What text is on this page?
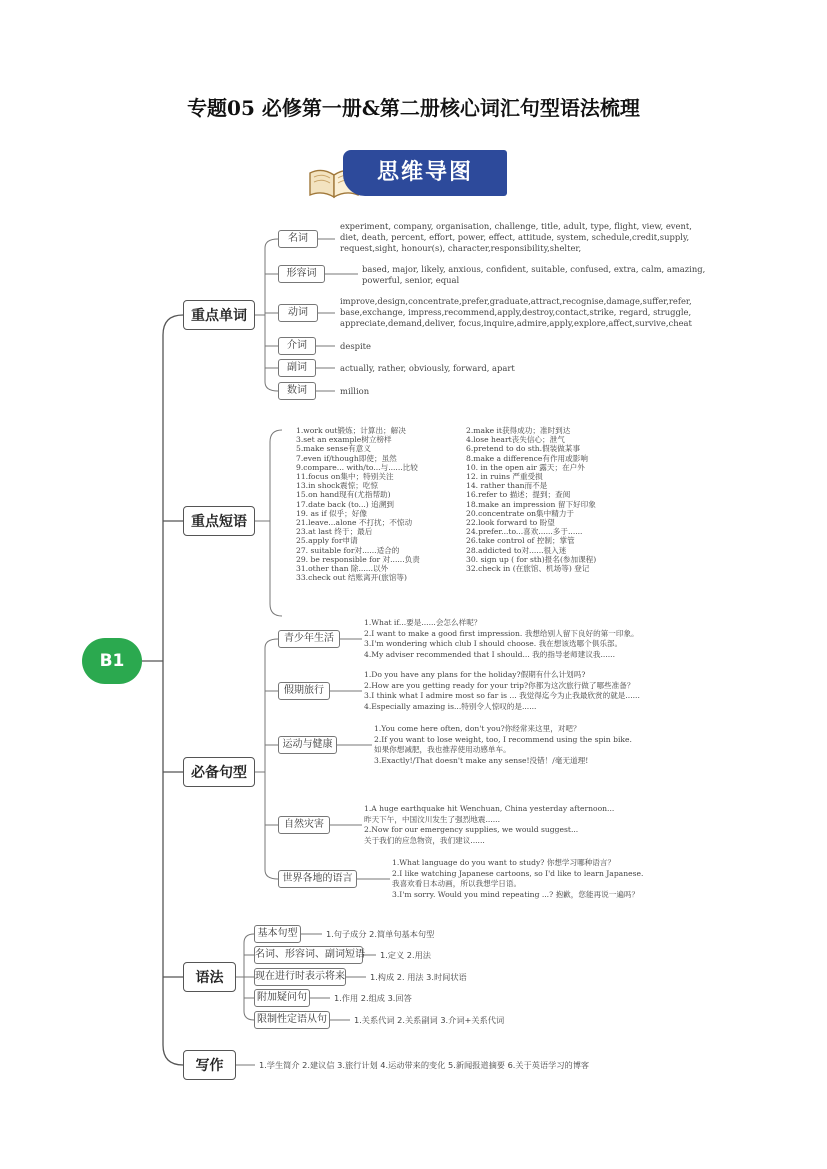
专题05 必修第一册&第二册核心词汇句型语法梳理
思维导图
B1
重点单词
重点短语
必备句型
语法
写作
名词
形容词
动词
介词
副词
数词
experiment, company, organisation, challenge, title, adult, type, flight, view, event,
diet, death, percent, effort, power, effect, attitude, system, schedule,credit,supply,
request,sight, honour(s), character,responsibility,shelter,
based, major, likely, anxious, confident, suitable, confused, extra, calm, amazing,
powerful, senior, equal
improve,design,concentrate,prefer,graduate,attract,recognise,damage,suffer,refer,
base,exchange, impress,recommend,apply,destroy,contact,strike, regard, struggle,
appreciate,demand,deliver, focus,inquire,admire,apply,explore,affect,survive,cheat
despite
actually, rather, obviously, forward, apart
million
1.work out锻炼；计算出；解决
3.set an example树立榜样
5.make sense有意义
7.even if/though即使；虽然
9.compare... with/to...与......比较
11.focus on集中；特别关注
13.in shock震惊；吃惊
15.on hand现有(尤指帮助)
17.date back (to...) 追溯到
19. as if 似乎；好像
21.leave...alone 不打扰；不惊动
23.at last 终于；最后
25.apply for申请
27. suitable for对......适合的
29. be responsible for 对......负责
31.other than 除......以外
33.check out 结账离开(旅馆等)
2.make it获得成功；准时到达
4.lose heart丧失信心；泄气
6.pretend to do sth.假装做某事
8.make a difference有作用或影响
10. in the open air 露天；在户外
12. in ruins 严重受损
14. rather than而不是
16.refer to 描述；提到；查阅
18.make an impression 留下好印象
20.concentrate on集中精力于
22.look forward to 盼望
24.prefer...to...喜欢......多于......
26.take control of 控制；掌管
28.addicted to对......很入迷
30. sign up ( for sth)报名(参加课程)
32.check in (在旅馆、机场等) 登记
青少年生活
假期旅行
运动与健康
自然灾害
世界各地的语言
1.What if...要是......会怎么样呢？
2.I want to make a good first impression. 我想给别人留下良好的第一印象。
3.I'm wondering which club I should choose. 我在想该选哪个俱乐部。
4.My adviser recommended that I should... 我的指导老师建议我......
1.Do you have any plans for the holiday?假期有什么计划吗?
2.How are you getting ready for your trip?你都为这次旅行做了哪些准备？
3.I think what I admire most so far is ... 我觉得迄今为止我最欣赏的就是......
4.Especially amazing is...特别令人惊叹的是......
1.You come here often, don't you?你经常来这里，对吧？
2.If you want to lose weight, too, I recommend using the spin bike.
如果你想减肥，我也推荐使用动感单车。
3.Exactly!/That doesn't make any sense!没错！/毫无道理!
1.A huge earthquake hit Wenchuan, China yesterday afternoon...
昨天下午，中国汶川发生了强烈地震......
2.Now for our emergency supplies, we would suggest...
关于我们的应急物资，我们建议......
1.What language do you want to study? 你想学习哪种语言？
2.I like watching Japanese cartoons, so I'd like to learn Japanese.
我喜欢看日本动画，所以我想学日语。
3.I'm sorry. Would you mind repeating ...? 抱歉，您能再说一遍吗？
基本句型
名词、形容词、副词短语
现在进行时表示将来
附加疑问句
限制性定语从句
1.句子成分 2.简单句基本句型
1.定义 2.用法
1.构成 2. 用法 3.时间状语
1.作用 2.组成 3.回答
1.关系代词 2.关系副词 3.介词+关系代词
1.学生简介 2.建议信 3.旅行计划 4.运动带来的变化 5.新闻报道摘要 6.关于英语学习的博客
